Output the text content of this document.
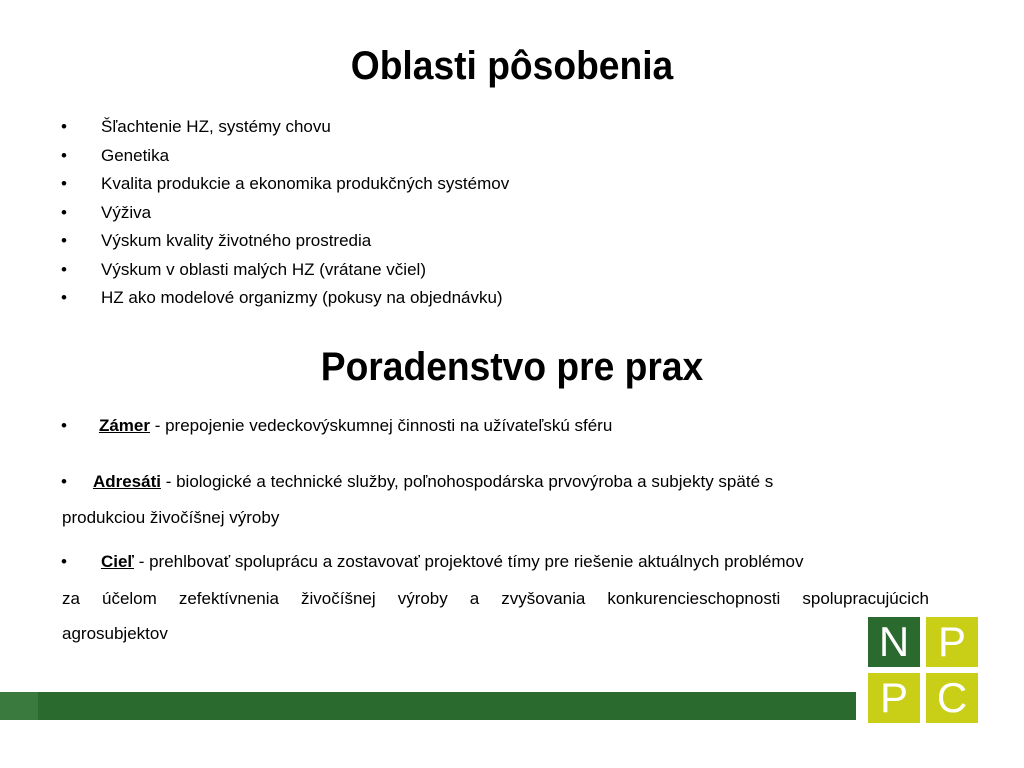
Oblasti pôsobenia
• Šľachtenie HZ, systémy chovu
• Genetika
• Kvalita produkcie a ekonomika produkčných systémov
• Výživa
• Výskum kvality životného prostredia
• Výskum v oblasti malých HZ (vrátane včiel)
• HZ ako modelové organizmy (pokusy na objednávku)
Poradenstvo pre prax
• Zámer - prepojenie vedeckovýskumnej činnosti na užívateľskú sféru
• Adresáti - biologické a technické služby, poľnohospodárska prvovýroba a subjekty späté s
produkciou živočíšnej výroby
• Cieľ - prehlbovať spoluprácu a zostavovať projektové tímy pre riešenie aktuálnych problémov
za účelom zefektívnenia živočíšnej výroby a zvyšovania konkurencieschopnosti spolupracujúcich
agrosubjektov	N P
P C
